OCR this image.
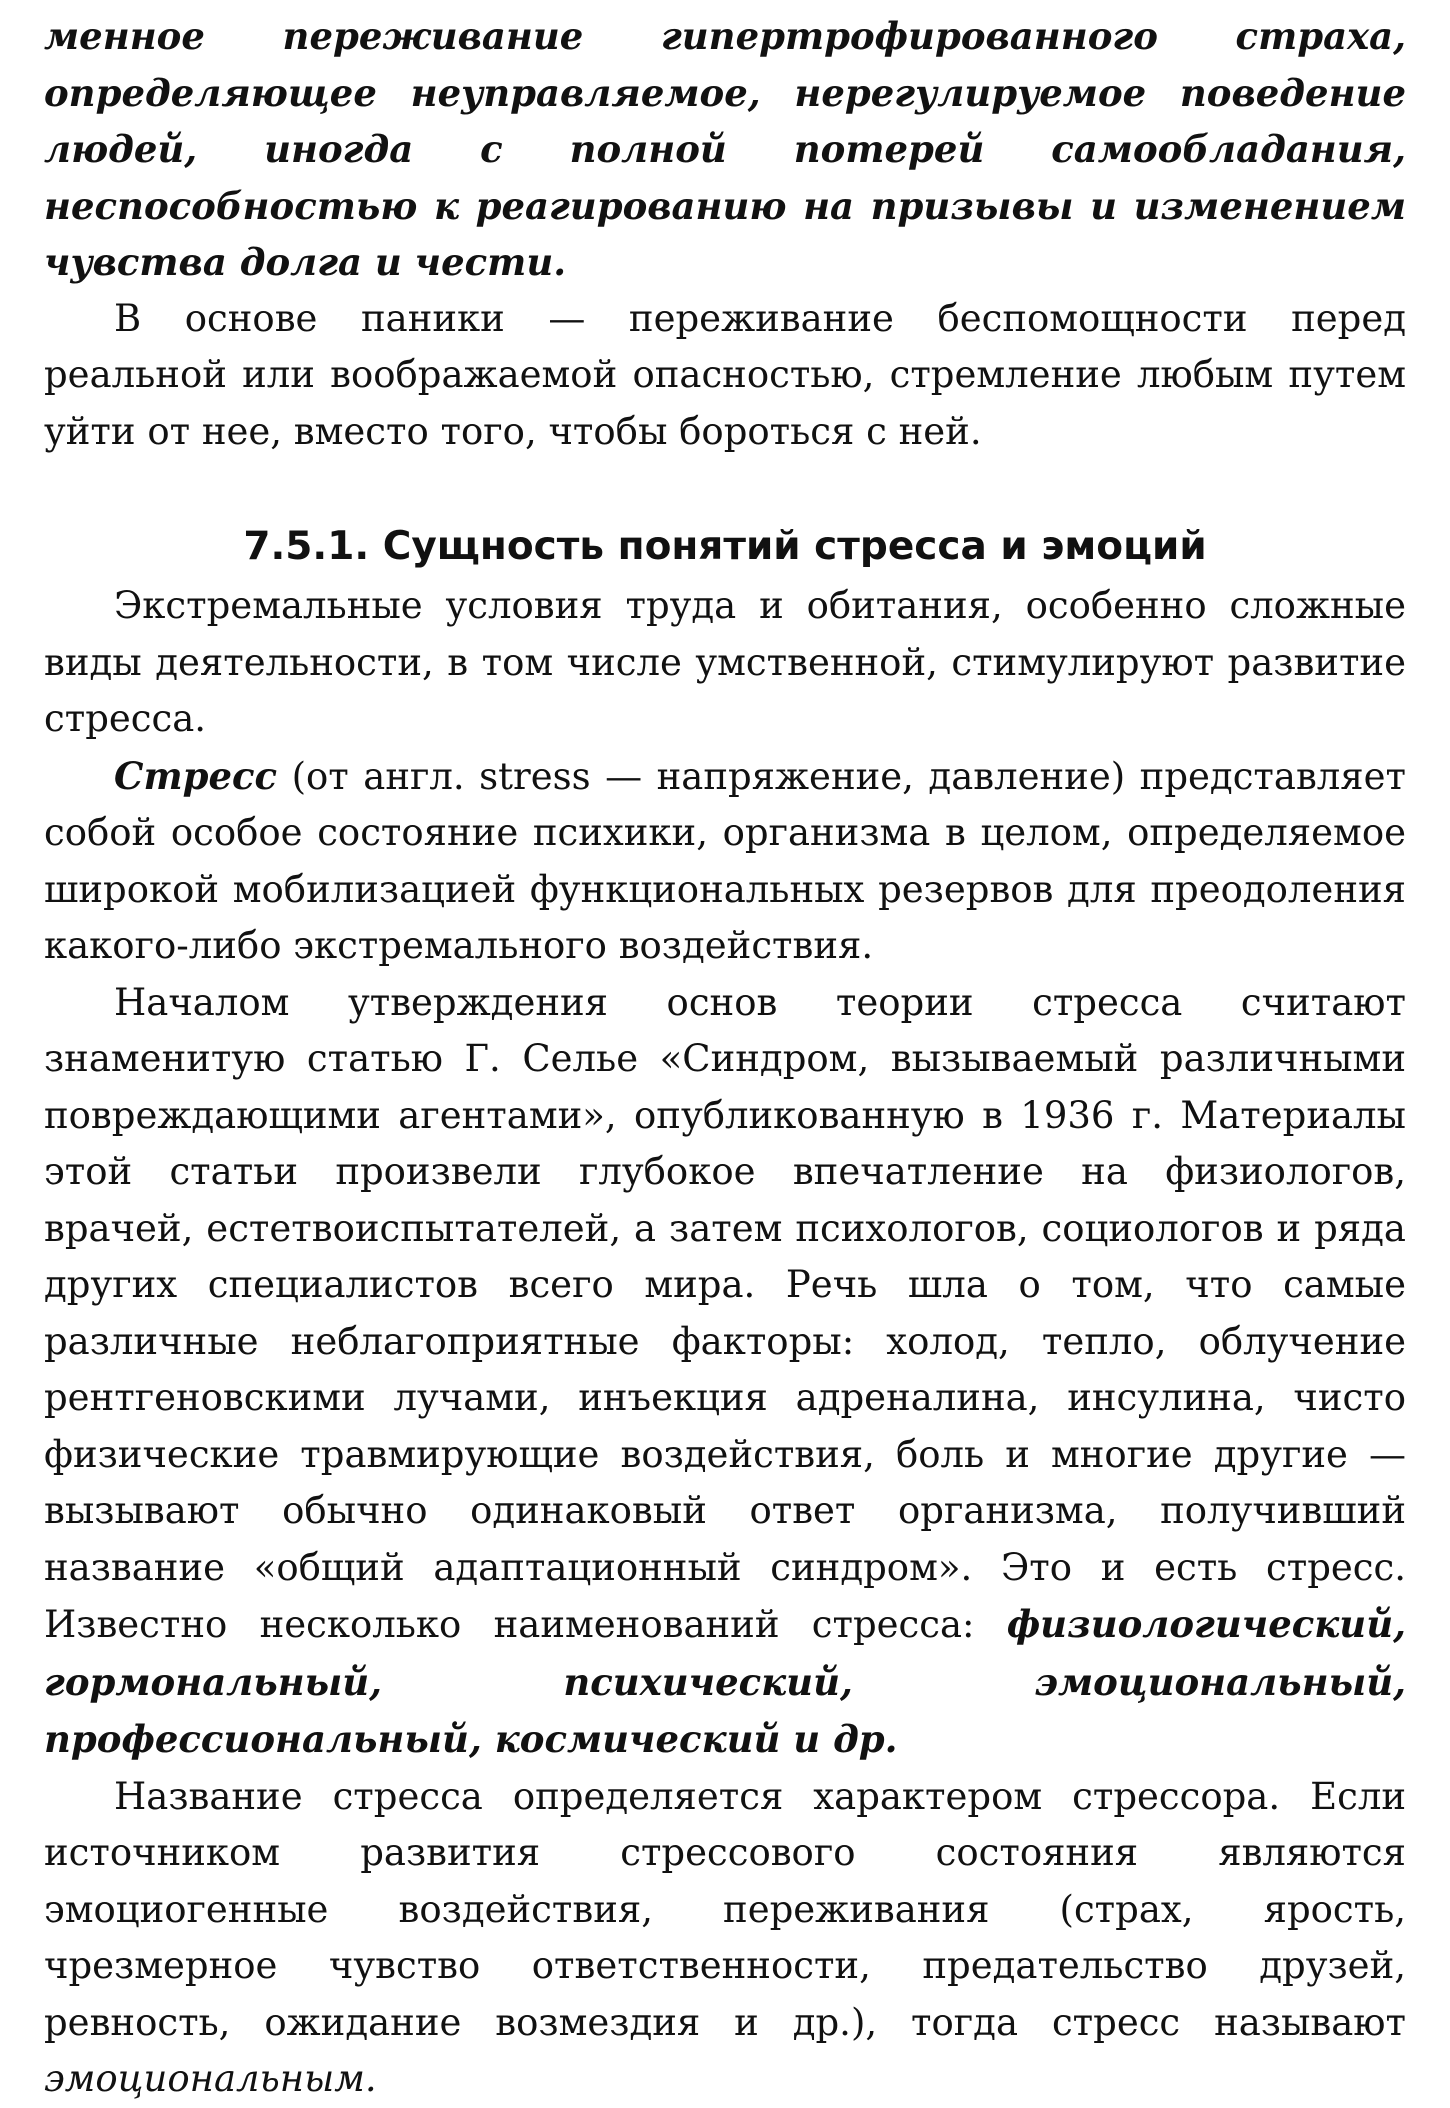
менное переживание гипертрофированного страха, определяющее неуправляемое, нерегулируемое поведение людей, иногда с полной потерей самообладания, неспособностью к реагированию на призывы и изменением чувства долга и чести.

В основе паники — переживание беспомощности перед реальной или воображаемой опасностью, стремление любым путем уйти от нее, вместо того, чтобы бороться с ней.

7.5.1. Сущность понятий стресса и эмоций

Экстремальные условия труда и обитания, особенно сложные виды деятельности, в том числе умственной, стимулируют развитие стресса.

Стресс (от англ. stress — напряжение, давление) представляет собой особое состояние психики, организма в целом, определяемое широкой мобилизацией функциональных резервов для преодоления какого-либо экстремального воздействия.

Началом утверждения основ теории стресса считают знаменитую статью Г. Селье «Синдром, вызываемый различными повреждающими агентами», опубликованную в 1936 г. Материалы этой статьи произвели глубокое впечатление на физиологов, врачей, естетвоиспытателей, а затем психологов, социологов и ряда других специалистов всего мира. Речь шла о том, что самые различные неблагоприятные факторы: холод, тепло, облучение рентгеновскими лучами, инъекция адреналина, инсулина, чисто физические травмирующие воздействия, боль и многие другие — вызывают обычно одинаковый ответ организма, получивший название «общий адаптационный синдром». Это и есть стресс. Известно несколько наименований стресса: физиологический, гормональный, психический, эмоциональный, профессиональный, космический и др.

Название стресса определяется характером стрессора. Если источником развития стрессового состояния являются эмоциогенные воздействия, переживания (страх, ярость, чрезмерное чувство ответственности, предательство друзей, ревность, ожидание возмездия и др.), тогда стресс называют эмоциональным.
